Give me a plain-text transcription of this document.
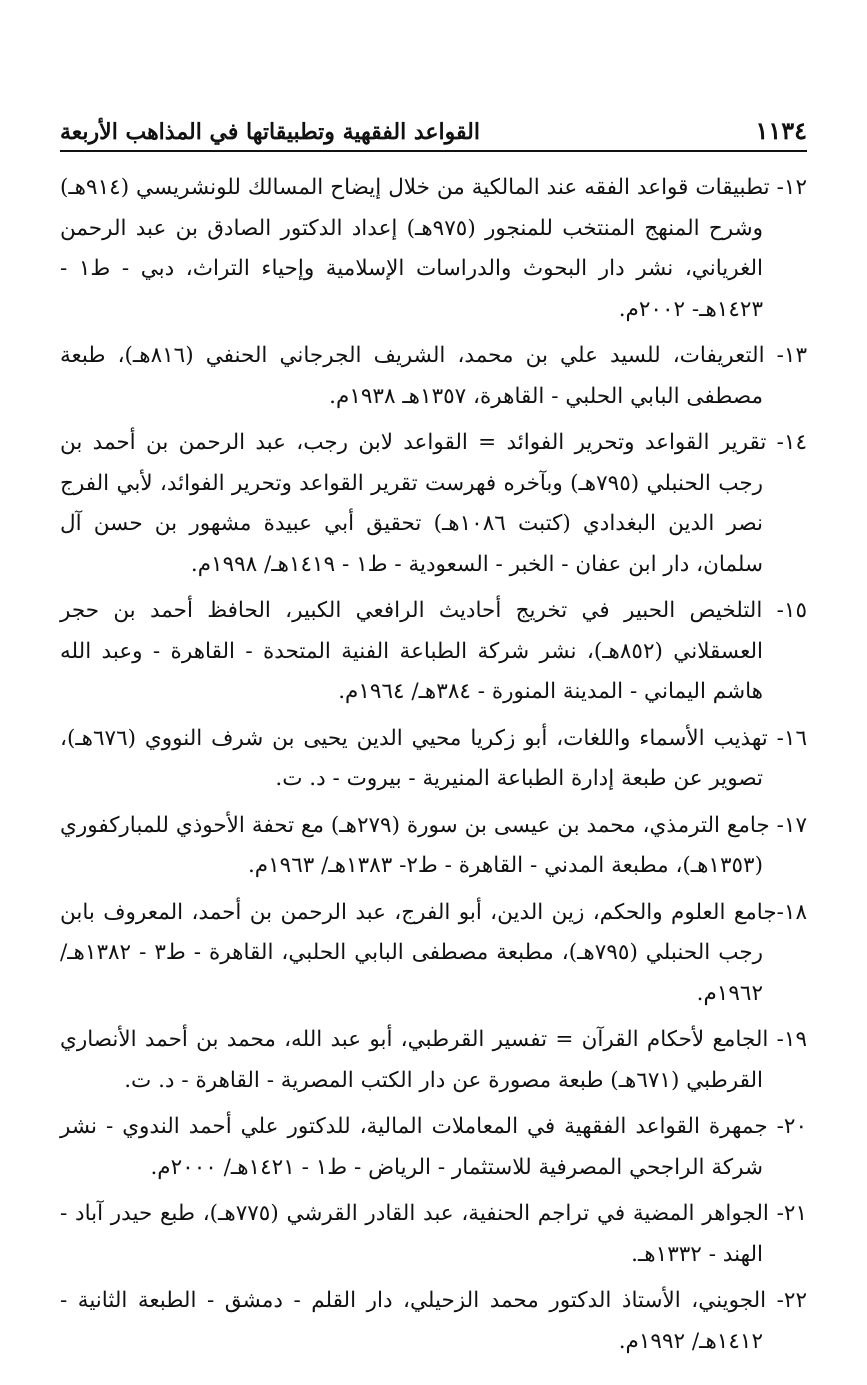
١١٣٤
القواعد الفقهية وتطبيقاتها في المذاهب الأربعة

١٢- تطبيقات قواعد الفقه عند المالكية من خلال إيضاح المسالك للونشريسي (٩١٤هـ) وشرح المنهج المنتخب للمنجور (٩٧٥هـ) إعداد الدكتور الصادق بن عبد الرحمن الغرياني، نشر دار البحوث والدراسات الإسلامية وإحياء التراث، دبي - ط١ - ١٤٢٣هـ- ٢٠٠٢م.

١٣- التعريفات، للسيد علي بن محمد، الشريف الجرجاني الحنفي (٨١٦هـ)، طبعة مصطفى البابي الحلبي - القاهرة، ١٣٥٧هـ ١٩٣٨م.

١٤- تقرير القواعد وتحرير الفوائد = القواعد لابن رجب، عبد الرحمن بن أحمد بن رجب الحنبلي (٧٩٥هـ) وبآخره فهرست تقرير القواعد وتحرير الفوائد، لأبي الفرج نصر الدين البغدادي (كتبت ١٠٨٦هـ) تحقيق أبي عبيدة مشهور بن حسن آل سلمان، دار ابن عفان - الخبر - السعودية - ط١ - ١٤١٩هـ/ ١٩٩٨م.

١٥- التلخيص الحبير في تخريج أحاديث الرافعي الكبير، الحافظ أحمد بن حجر العسقلاني (٨٥٢هـ)، نشر شركة الطباعة الفنية المتحدة - القاهرة - وعبد الله هاشم اليماني - المدينة المنورة - ٣٨٤هـ/ ١٩٦٤م.

١٦- تهذيب الأسماء واللغات، أبو زكريا محيي الدين يحيى بن شرف النووي (٦٧٦هـ)، تصوير عن طبعة إدارة الطباعة المنيرية - بيروت - د. ت.

١٧- جامع الترمذي، محمد بن عيسى بن سورة (٢٧٩هـ) مع تحفة الأحوذي للمباركفوري (١٣٥٣هـ)، مطبعة المدني - القاهرة - ط٢- ١٣٨٣هـ/ ١٩٦٣م.

١٨-جامع العلوم والحكم، زين الدين، أبو الفرج، عبد الرحمن بن أحمد، المعروف بابن رجب الحنبلي (٧٩٥هـ)، مطبعة مصطفى البابي الحلبي، القاهرة - ط٣ - ١٣٨٢هـ/ ١٩٦٢م.

١٩- الجامع لأحكام القرآن = تفسير القرطبي، أبو عبد الله، محمد بن أحمد الأنصاري القرطبي (٦٧١هـ) طبعة مصورة عن دار الكتب المصرية - القاهرة - د. ت.

٢٠- جمهرة القواعد الفقهية في المعاملات المالية، للدكتور علي أحمد الندوي - نشر شركة الراجحي المصرفية للاستثمار - الرياض - ط١ - ١٤٢١هـ/ ٢٠٠٠م.

٢١- الجواهر المضية في تراجم الحنفية، عبد القادر القرشي (٧٧٥هـ)، طبع حيدر آباد - الهند - ١٣٣٢هـ.

٢٢- الجويني، الأستاذ الدكتور محمد الزحيلي، دار القلم - دمشق - الطبعة الثانية - ١٤١٢هـ/ ١٩٩٢م.
